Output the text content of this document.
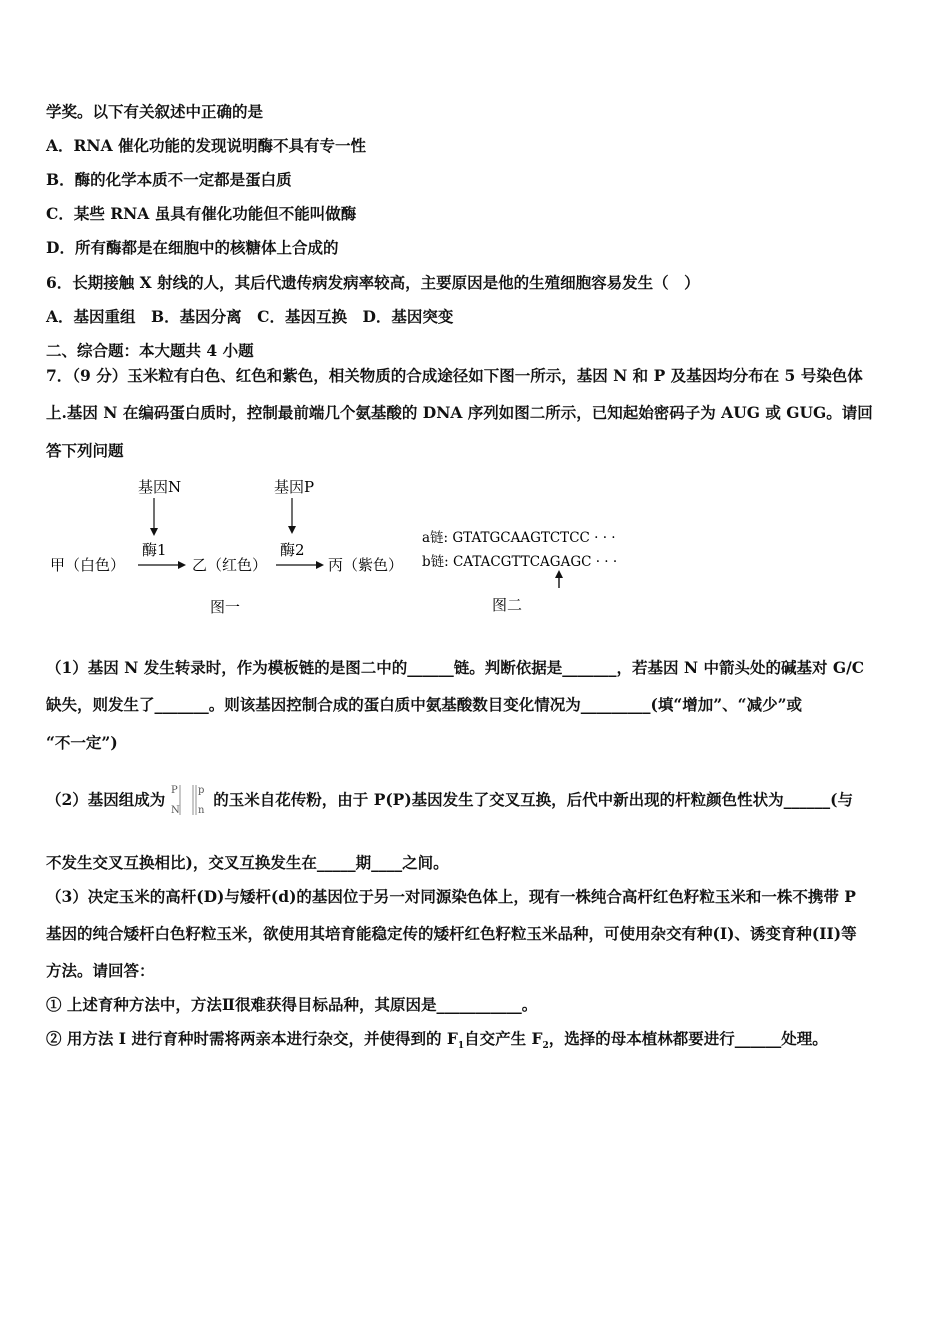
学奖。以下有关叙述中正确的是
A．RNA 催化功能的发现说明酶不具有专一性
B．酶的化学本质不一定都是蛋白质
C．某些 RNA 虽具有催化功能但不能叫做酶
D．所有酶都是在细胞中的核糖体上合成的
6．长期接触 X 射线的人，其后代遗传病发病率较高，主要原因是他的生殖细胞容易发生（　）
A．基因重组　B．基因分离　C．基因互换　D．基因突变
二、综合题：本大题共 4 小题
7．（9 分）玉米粒有白色、红色和紫色，相关物质的合成途径如下图一所示，基因 N 和 P 及基因均分布在 5 号染色体
上.基因 N 在编码蛋白质时，控制最前端几个氨基酸的 DNA 序列如图二所示，已知起始密码子为 AUG 或 GUG。请回
答下列问题
基因N
酶1
基因P
酶2
甲（白色）	乙（红色）	丙（紫色）
图一
a链: GTATGCAAGTCTCC · · ·
b链: CATACGTTCAGAGC · · ·
图二
（1）基因 N 发生转录时，作为模板链的是图二中的______链。判断依据是_______，若基因 N 中箭头处的碱基对 G/C
缺失，则发生了_______。则该基因控制合成的蛋白质中氨基酸数目变化情况为_________(填“增加”、“减少”或
“不一定”)
（2）基因组成为 P
N
p
n
的玉米自花传粉，由于 P(P)基因发生了交叉互换，后代中新出现的杆粒颜色性状为______(与
不发生交叉互换相比)，交叉互换发生在_____期____之间。
（3）决定玉米的高杆(D)与矮杆(d)的基因位于另一对同源染色体上，现有一株纯合高杆红色籽粒玉米和一株不携带 P
基因的纯合矮杆白色籽粒玉米，欲使用其培育能稳定传的矮杆红色籽粒玉米品种，可使用杂交有种(I)、诱变育种(II)等
方法。请回答：
① 上述育种方法中，方法Ⅱ很难获得目标品种，其原因是___________。
② 用方法 I 进行育种时需将两亲本进行杂交，并使得到的 $F_1$自交产生 $F_2$，选择的母本植林都要进行______处理。
